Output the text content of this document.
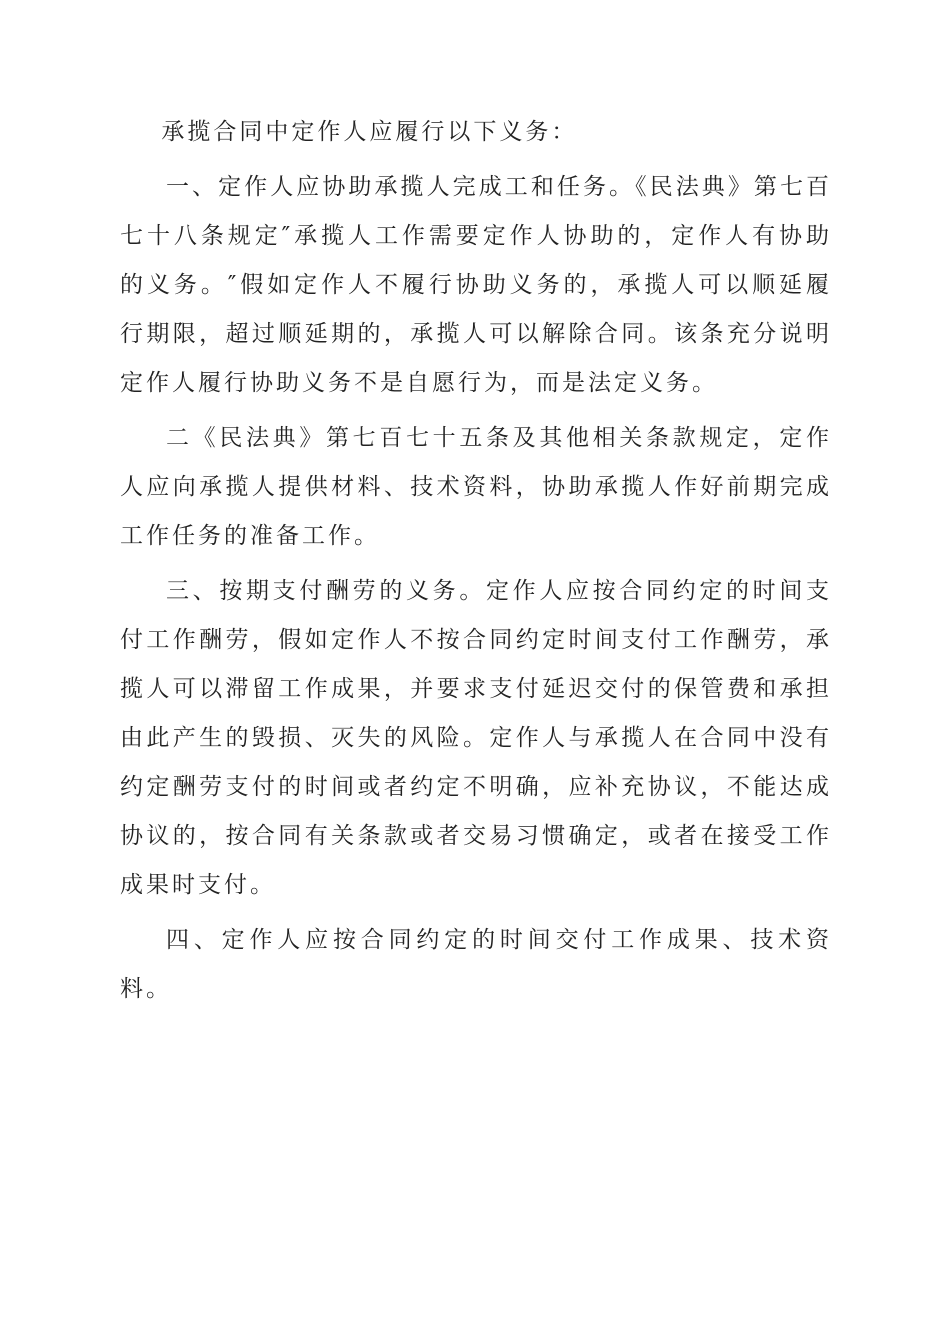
承揽合同中定作人应履行以下义务：

一、定作人应协助承揽人完成工和任务。《民法典》第七百七十八条规定″承揽人工作需要定作人协助的，定作人有协助的义务。″假如定作人不履行协助义务的，承揽人可以顺延履行期限，超过顺延期的，承揽人可以解除合同。该条充分说明定作人履行协助义务不是自愿行为，而是法定义务。

二《民法典》第七百七十五条及其他相关条款规定，定作人应向承揽人提供材料、技术资料，协助承揽人作好前期完成工作任务的准备工作。

三、按期支付酬劳的义务。定作人应按合同约定的时间支付工作酬劳，假如定作人不按合同约定时间支付工作酬劳，承揽人可以滞留工作成果，并要求支付延迟交付的保管费和承担由此产生的毁损、灭失的风险。定作人与承揽人在合同中没有约定酬劳支付的时间或者约定不明确，应补充协议，不能达成协议的，按合同有关条款或者交易习惯确定，或者在接受工作成果时支付。

四、定作人应按合同约定的时间交付工作成果、技术资料。
